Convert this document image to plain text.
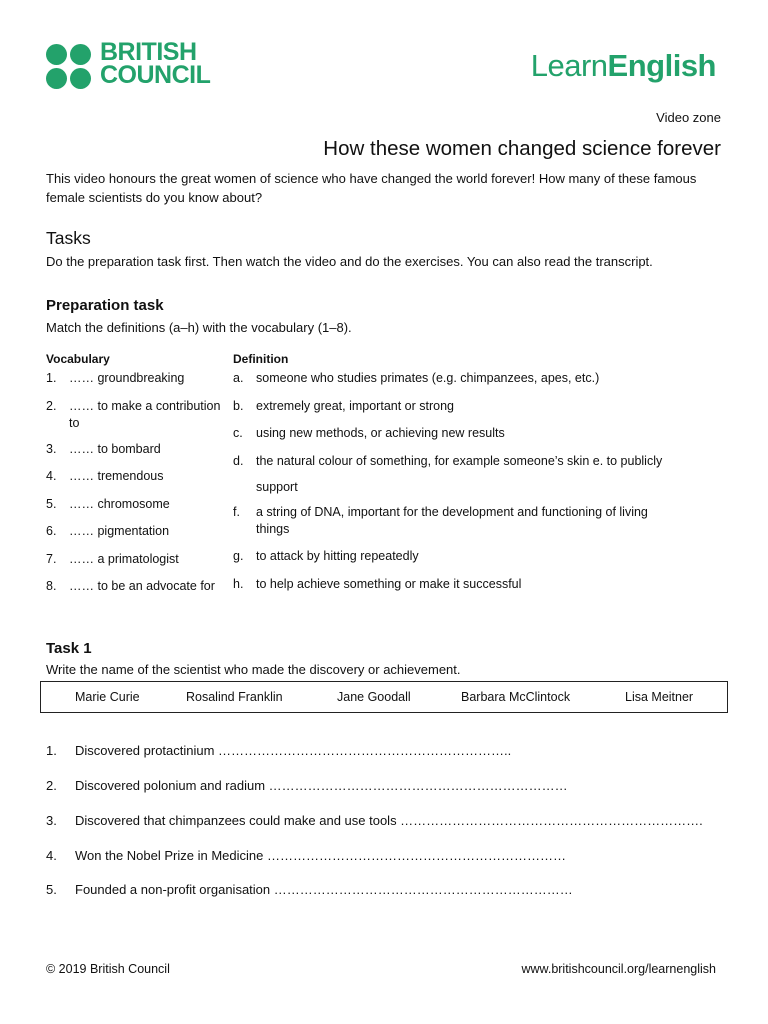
BRITISH
COUNCIL	LearnEnglish
Video zone
How these women changed science forever
This video honours the great women of science who have changed the world forever! How many of these famous female scientists do you know about?
Tasks
Do the preparation task first. Then watch the video and do the exercises. You can also read the transcript.
Preparation task
Match the definitions (a–h) with the vocabulary (1–8).
Vocabulary	Definition
1. …… groundbreaking
2. …… to make a contribution to
3. …… to bombard
4. …… tremendous
5. …… chromosome
6. …… pigmentation
7. …… a primatologist
8. …… to be an advocate for
a. someone who studies primates (e.g. chimpanzees, apes, etc.)
b. extremely great, important or strong
c. using new methods, or achieving new results
d. the natural colour of something, for example someone’s skin e. to publicly support
f. a string of DNA, important for the development and functioning of living things
g. to attack by hitting repeatedly
h. to help achieve something or make it successful
Task 1
Write the name of the scientist who made the discovery or achievement.
Marie Curie	Rosalind Franklin	Jane Goodall	Barbara McClintock	Lisa Meitner
1. Discovered protactinium …………………………………………………………..
2. Discovered polonium and radium ……………………………………………………………
3. Discovered that chimpanzees could make and use tools …………………………………………………………….
4. Won the Nobel Prize in Medicine ……………………………………………………………
5. Founded a non-profit organisation ……………………………………………………………
© 2019 British Council	www.britishcouncil.org/learnenglish
